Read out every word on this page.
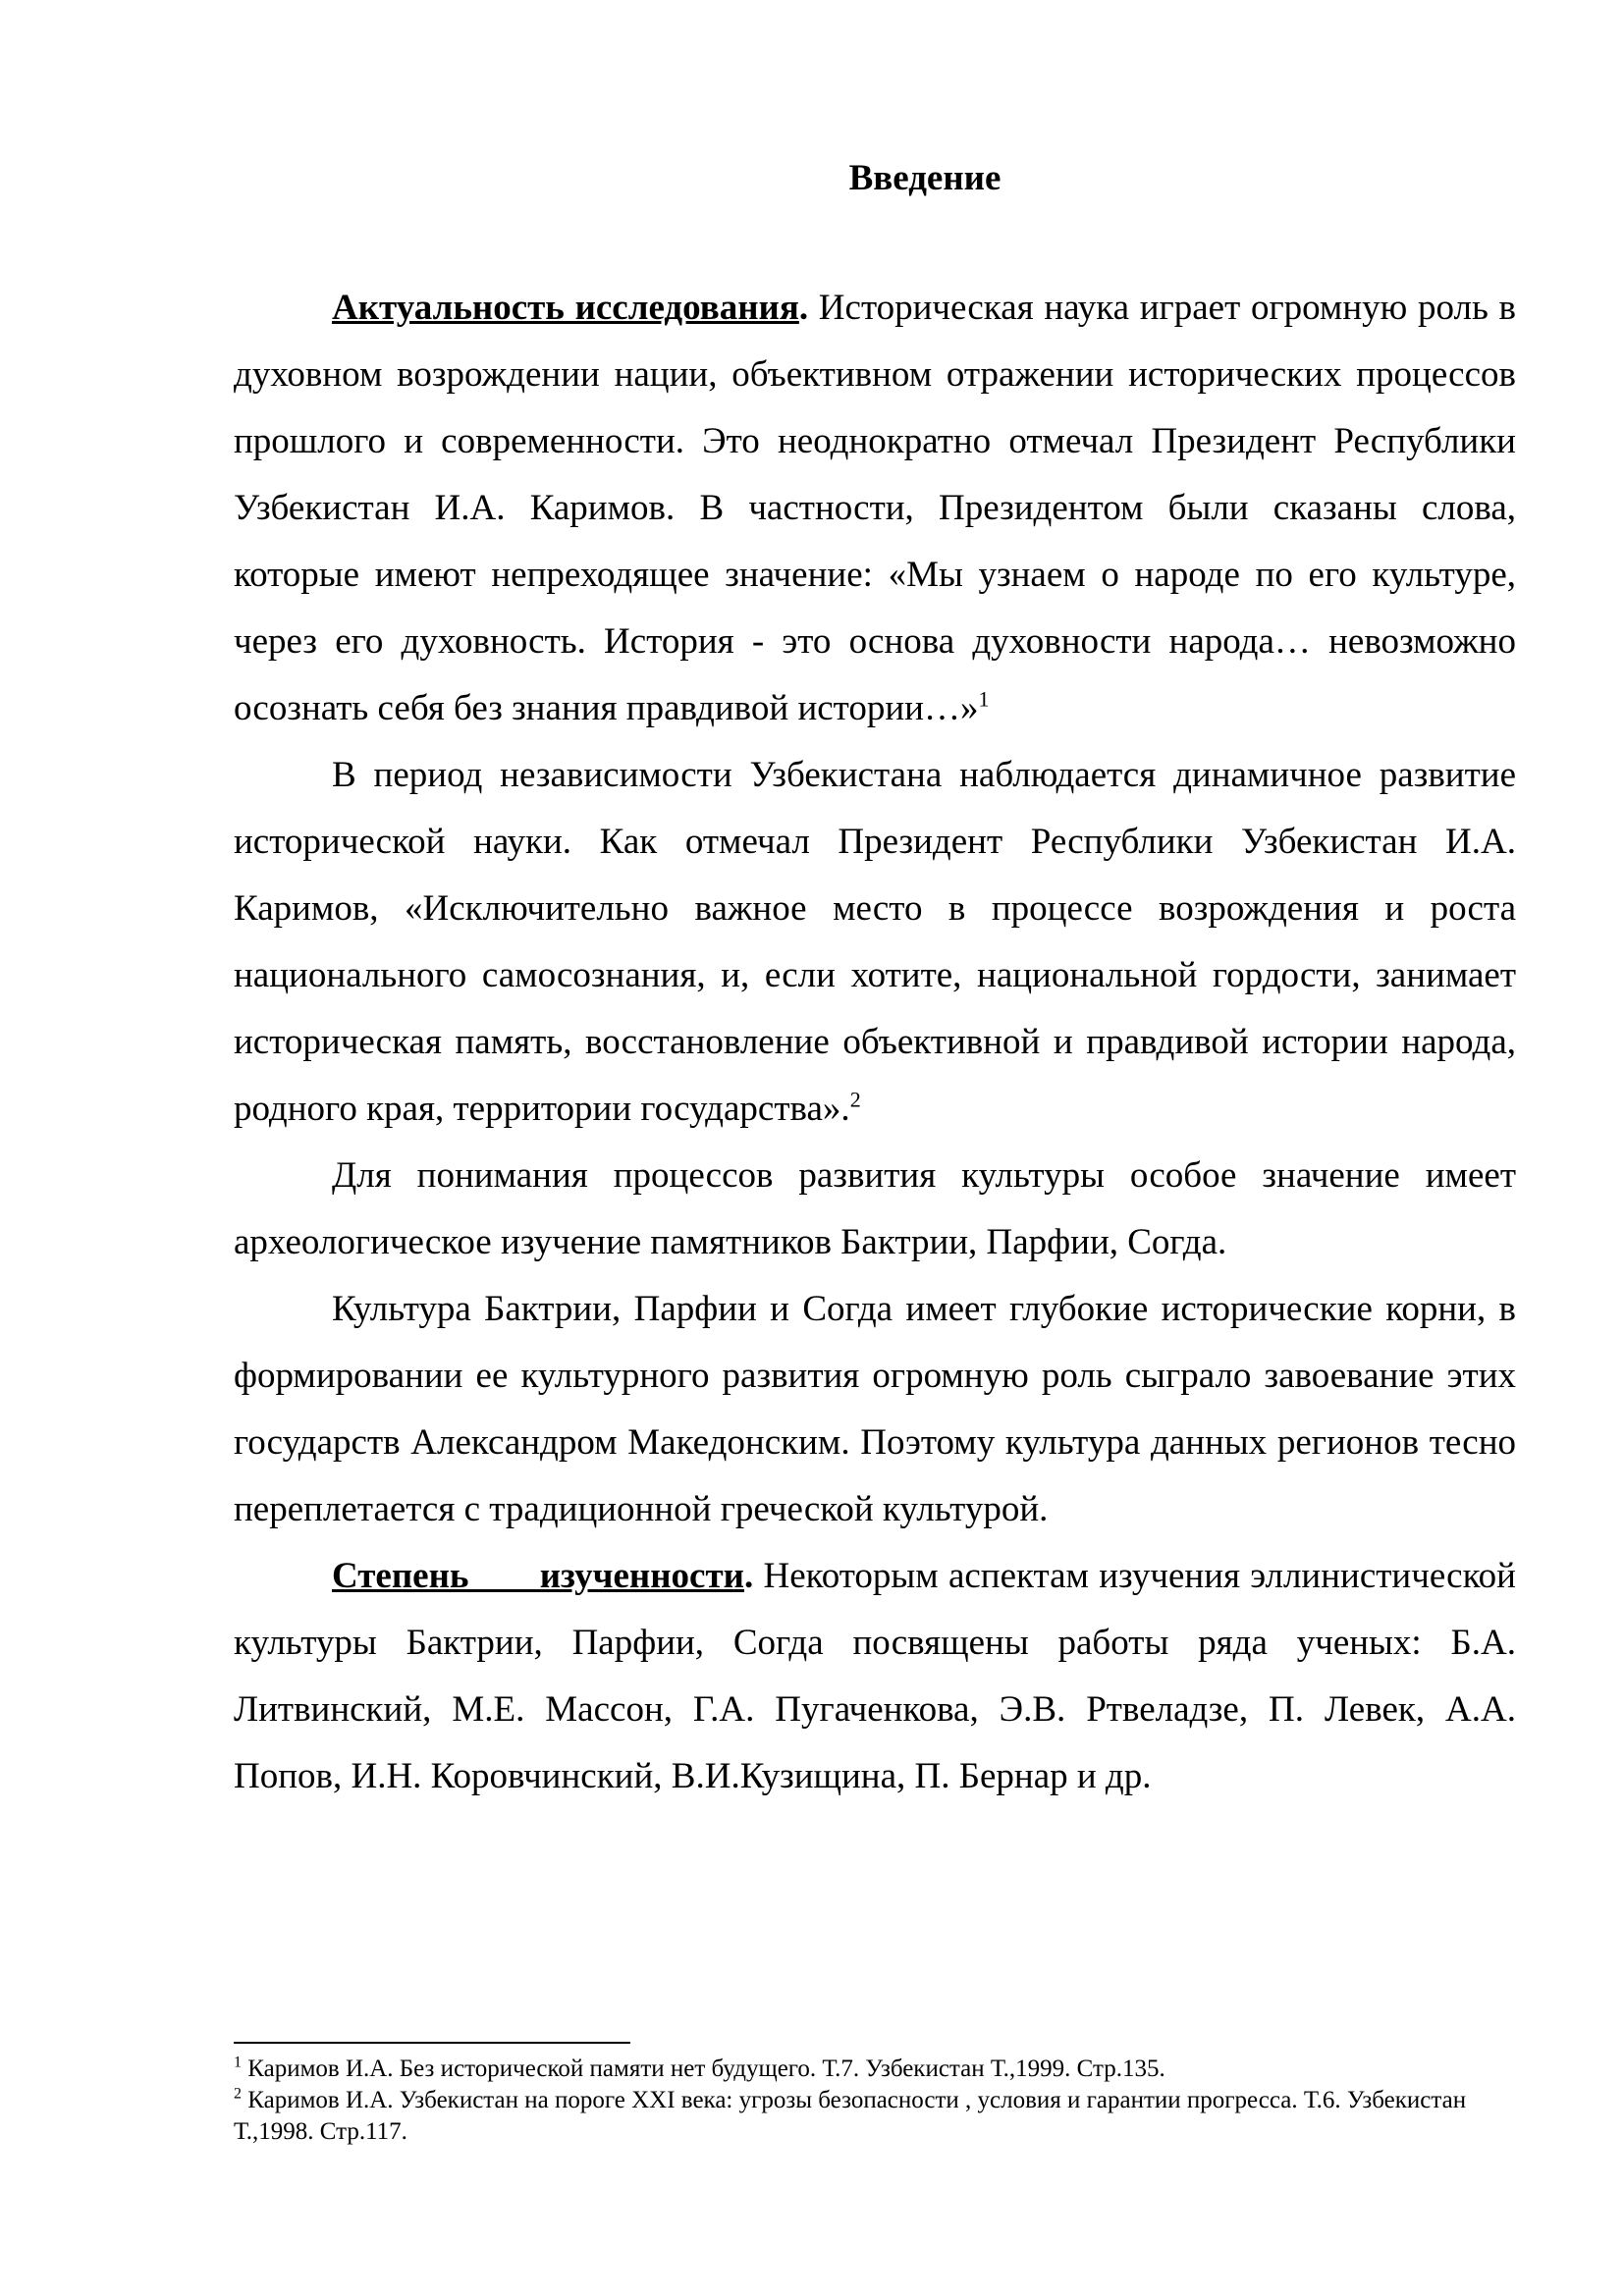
Введение

Актуальность исследования. Историческая наука играет огромную роль в духовном возрождении нации, объективном отражении исторических процессов прошлого и современности. Это неоднократно отмечал Президент Республики Узбекистан И.А. Каримов. В частности, Президентом были сказаны слова, которые имеют непреходящее значение: «Мы узнаем о народе по его культуре, через его духовность. История - это основа духовности народа… невозможно осознать себя без знания правдивой истории…»$^1$

В период независимости Узбекистана наблюдается динамичное развитие исторической науки. Как отмечал Президент Республики Узбекистан И.А. Каримов, «Исключительно важное место в процессе возрождения и роста национального самосознания, и, если хотите, национальной гордости, занимает историческая память, восстановление объективной и правдивой истории народа, родного края, территории государства».$^2$

Для понимания процессов развития культуры особое значение имеет археологическое изучение памятников Бактрии, Парфии, Согда.

Культура Бактрии, Парфии и Согда имеет глубокие исторические корни, в формировании ее культурного развития огромную роль сыграло завоевание этих государств Александром Македонским. Поэтому культура данных регионов тесно переплетается с традиционной греческой культурой.

Степень изученности. Некоторым аспектам изучения эллинистической культуры Бактрии, Парфии, Согда посвящены работы ряда ученых: Б.А. Литвинский, М.Е. Массон, Г.А. Пугаченкова, Э.В. Ртвеладзе, П. Левек, А.А. Попов, И.Н. Коровчинский, В.И.Кузищина, П. Бернар и др.

$^1$ Каримов И.А. Без исторической памяти нет будущего. Т.7. Узбекистан Т.,1999. Стр.135.

$^2$ Каримов И.А. Узбекистан на пороге XXI века: угрозы безопасности , условия и гарантии прогресса. Т.6. Узбекистан Т.,1998. Стр.117.
